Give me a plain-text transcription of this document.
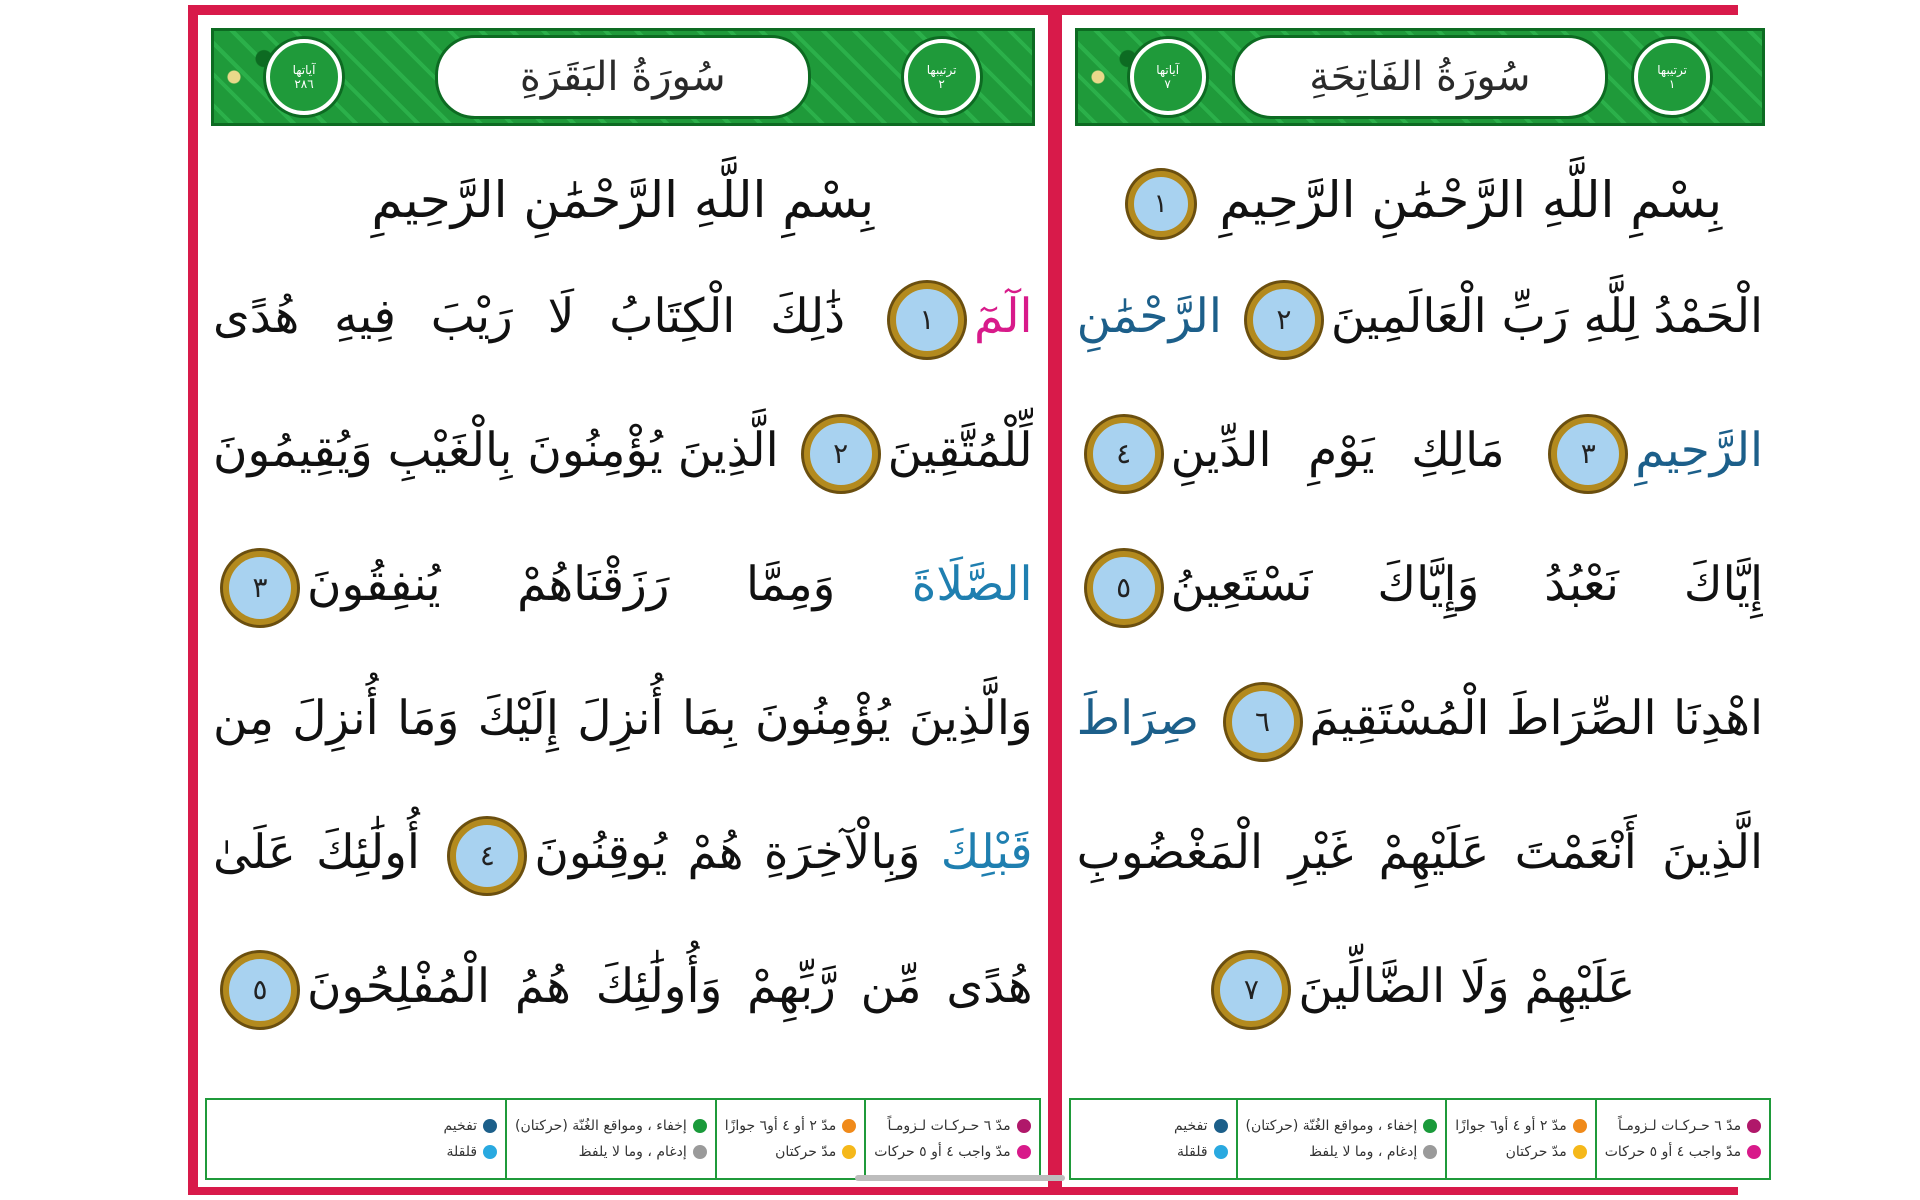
ترتيبها
٢
سُورَةُ البَقَرَةِ
آياتها
٢٨٦
بِسْمِ اللَّهِ الرَّحْمَٰنِ الرَّحِيمِ
الٓمٓ١ ذَٰلِكَ الْكِتَابُ لَا رَيْبَ فِيهِ هُدًى
لِّلْمُتَّقِينَ٢ الَّذِينَ يُؤْمِنُونَ بِالْغَيْبِ وَيُقِيمُونَ
الصَّلَاةَ وَمِمَّا رَزَقْنَاهُمْ يُنفِقُونَ٣
وَالَّذِينَ يُؤْمِنُونَ بِمَا أُنزِلَ إِلَيْكَ وَمَا أُنزِلَ مِن
قَبْلِكَ وَبِالْآخِرَةِ هُمْ يُوقِنُونَ٤ أُولَٰئِكَ عَلَىٰ
هُدًى مِّن رَّبِّهِمْ وَأُولَٰئِكَ هُمُ الْمُفْلِحُونَ٥
مدّ ٦ حـركـات لـزومـاً
مدّ واجب ٤ أو ٥ حركات
مدّ ٢ أو ٤ أو٦ جوازًا
مدّ حركتان
إخفاء ، ومواقع الغُنّة (حركتان)
إدغام ، وما لا يلفظ
تفخيم
قلقلة
ترتيبها
١
سُورَةُ الفَاتِحَةِ
آياتها
٧
بِسْمِ اللَّهِ الرَّحْمَٰنِ الرَّحِيمِ ١
الْحَمْدُ لِلَّهِ رَبِّ الْعَالَمِينَ٢ الرَّحْمَٰنِ
الرَّحِيمِ٣ مَالِكِ يَوْمِ الدِّينِ٤
إِيَّاكَ نَعْبُدُ وَإِيَّاكَ نَسْتَعِينُ٥
اهْدِنَا الصِّرَاطَ الْمُسْتَقِيمَ٦ صِرَاطَ
الَّذِينَ أَنْعَمْتَ عَلَيْهِمْ غَيْرِ الْمَغْضُوبِ
عَلَيْهِمْ وَلَا الضَّالِّينَ٧
مدّ ٦ حـركـات لـزومـاً
مدّ واجب ٤ أو ٥ حركات
مدّ ٢ أو ٤ أو٦ جوازًا
مدّ حركتان
إخفاء ، ومواقع الغُنّة (حركتان)
إدغام ، وما لا يلفظ
تفخيم
قلقلة
